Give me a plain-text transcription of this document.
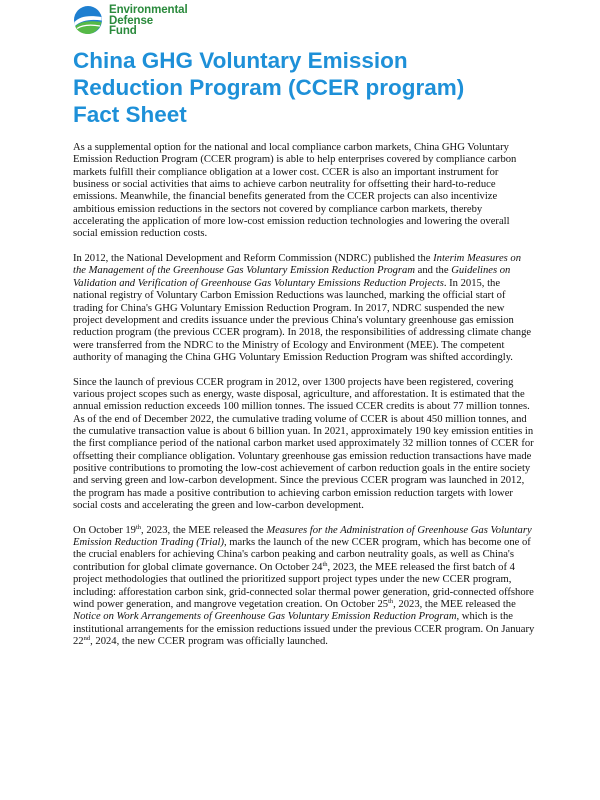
Environmental
Defense
Fund
China GHG Voluntary Emission
Reduction Program (CCER program)
Fact Sheet

As a supplemental option for the national and local compliance carbon markets, China GHG Voluntary Emission Reduction Program (CCER program) is able to help enterprises covered by compliance carbon markets fulfill their compliance obligation at a lower cost. CCER is also an important instrument for business or social activities that aims to achieve carbon neutrality for offsetting their hard-to-reduce emissions. Meanwhile, the financial benefits generated from the CCER projects can also incentivize ambitious emission reductions in the sectors not covered by compliance carbon markets, thereby accelerating the application of more low-cost emission reduction technologies and lowering the overall social emission reduction costs.

In 2012, the National Development and Reform Commission (NDRC) published the Interim Measures on the Management of the Greenhouse Gas Voluntary Emission Reduction Program and the Guidelines on Validation and Verification of Greenhouse Gas Voluntary Emissions Reduction Projects. In 2015, the national registry of Voluntary Carbon Emission Reductions was launched, marking the official start of trading for China's GHG Voluntary Emission Reduction Program. In 2017, NDRC suspended the new project development and credits issuance under the previous China's voluntary greenhouse gas emission reduction program (the previous CCER program). In 2018, the responsibilities of addressing climate change were transferred from the NDRC to the Ministry of Ecology and Environment (MEE). The competent authority of managing the China GHG Voluntary Emission Reduction Program was shifted accordingly.

Since the launch of previous CCER program in 2012, over 1300 projects have been registered, covering various project scopes such as energy, waste disposal, agriculture, and afforestation. It is estimated that the annual emission reduction exceeds 100 million tonnes. The issued CCER credits is about 77 million tonnes. As of the end of December 2022, the cumulative trading volume of CCER is about 450 million tonnes, and the cumulative transaction value is about 6 billion yuan. In 2021, approximately 190 key emission entities in the first compliance period of the national carbon market used approximately 32 million tonnes of CCER for offsetting their compliance obligation. Voluntary greenhouse gas emission reduction transactions have made positive contributions to promoting the low-cost achievement of carbon reduction goals in the entire society and serving green and low-carbon development. Since the previous CCER program was launched in 2012, the program has made a positive contribution to achieving carbon emission reduction targets with lower social costs and accelerating the green and low-carbon development.

On October 19th, 2023, the MEE released the Measures for the Administration of Greenhouse Gas Voluntary Emission Reduction Trading (Trial), marks the launch of the new CCER program, which has become one of the crucial enablers for achieving China's carbon peaking and carbon neutrality goals, as well as China's contribution for global climate governance. On October 24th, 2023, the MEE released the first batch of 4 project methodologies that outlined the prioritized support project types under the new CCER program, including: afforestation carbon sink, grid-connected solar thermal power generation, grid-connected offshore wind power generation, and mangrove vegetation creation. On October 25th, 2023, the MEE released the Notice on Work Arrangements of Greenhouse Gas Voluntary Emission Reduction Program, which is the institutional arrangements for the emission reductions issued under the previous CCER program. On January 22nd, 2024, the new CCER program was officially launched.
